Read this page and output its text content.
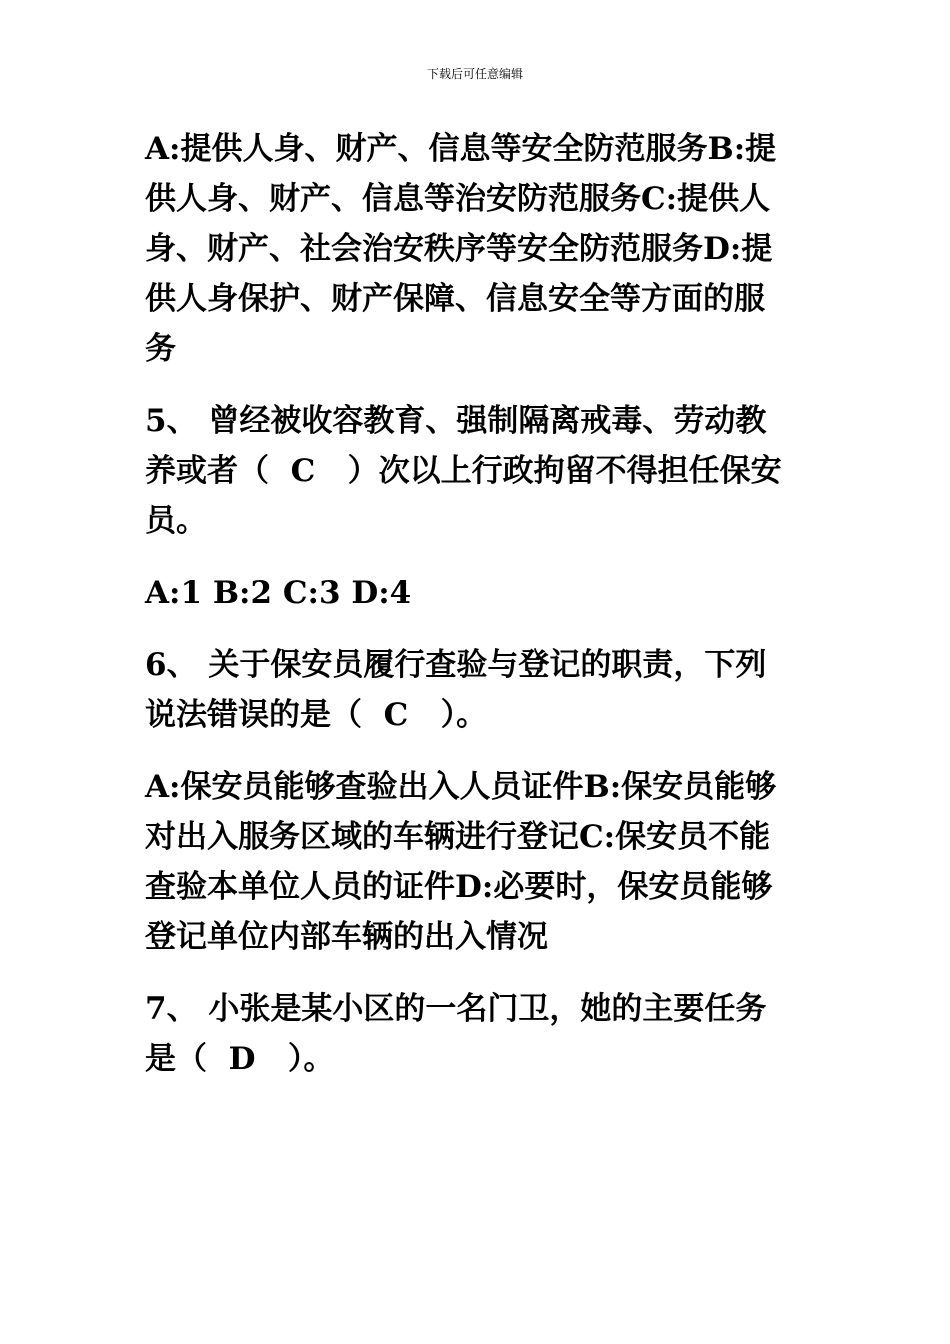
下载后可任意编辑

A:提供人身、财产、信息等安全防范服务B:提供人身、财产、信息等治安防范服务C:提供人身、财产、社会治安秩序等安全防范服务D:提供人身保护、财产保障、信息安全等方面的服务

5、 曾经被收容教育、强制隔离戒毒、劳动教养或者（  C   ）次以上行政拘留不得担任保安员。

A:1 B:2 C:3 D:4

6、 关于保安员履行查验与登记的职责，下列说法错误的是（  C   ）。

A:保安员能够查验出入人员证件B:保安员能够对出入服务区域的车辆进行登记C:保安员不能查验本单位人员的证件D:必要时，保安员能够登记单位内部车辆的出入情况

7、 小张是某小区的一名门卫，她的主要任务是（  D   ）。
